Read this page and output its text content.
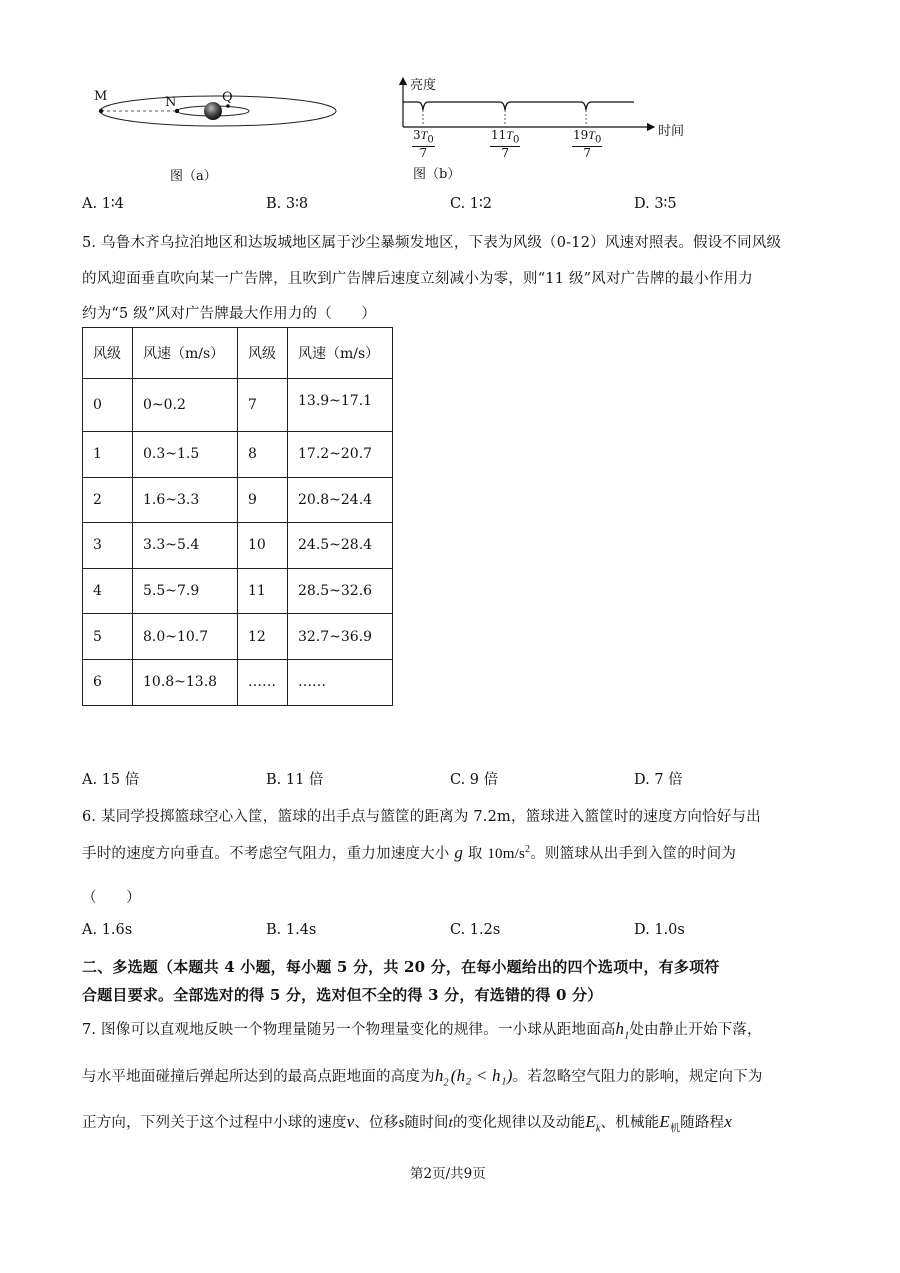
M	N	Q
图（a）
亮度
时间
$\frac{3T_0}{7}$	$\frac{11T_0}{7}$	$\frac{19T_0}{7}$
图（b）
A. 1∶4	B. 3∶8	C. 1∶2	D. 3∶5
5. 乌鲁木齐乌拉泊地区和达坂城地区属于沙尘暴频发地区，下表为风级（0-12）风速对照表。假设不同风级
的风迎面垂直吹向某一广告牌，且吹到广告牌后速度立刻减小为零，则“11 级”风对广告牌的最小作用力
约为“5 级”风对广告牌最大作用力的（　　）
风级	风速（m/s）	风级	风速（m/s）
0	0~0.2	7	13.9~17.1
1	0.3~1.5	8	17.2~20.7
2	1.6~3.3	9	20.8~24.4
3	3.3~5.4	10	24.5~28.4
4	5.5~7.9	11	28.5~32.6
5	8.0~10.7	12	32.7~36.9
6	10.8~13.8	……	……
A. 15 倍	B. 11 倍	C. 9 倍	D. 7 倍
6. 某同学投掷篮球空心入筐，篮球的出手点与篮筐的距离为 7.2m，篮球进入篮筐时的速度方向恰好与出
手时的速度方向垂直。不考虑空气阻力，重力加速度大小 g 取 $10m/s^2$。则篮球从出手到入筐的时间为
（　　）
A. 1.6s	B. 1.4s	C. 1.2s	D. 1.0s
二、多选题（本题共 4 小题，每小题 5 分，共 20 分，在每小题给出的四个选项中，有多项符
合题目要求。全部选对的得 5 分，选对但不全的得 3 分，有选错的得 0 分）
7. 图像可以直观地反映一个物理量随另一个物理量变化的规律。一小球从距地面高$h_1$处由静止开始下落，
与水平地面碰撞后弹起所达到的最高点距地面的高度为$h_2$ (h₂ < h₁)。若忽略空气阻力的影响，规定向下为
正方向，下列关于这个过程中小球的速度v、位移s随时间t的变化规律以及动能$E_k$、机械能$E_机$随路程x
第2页/共9页
